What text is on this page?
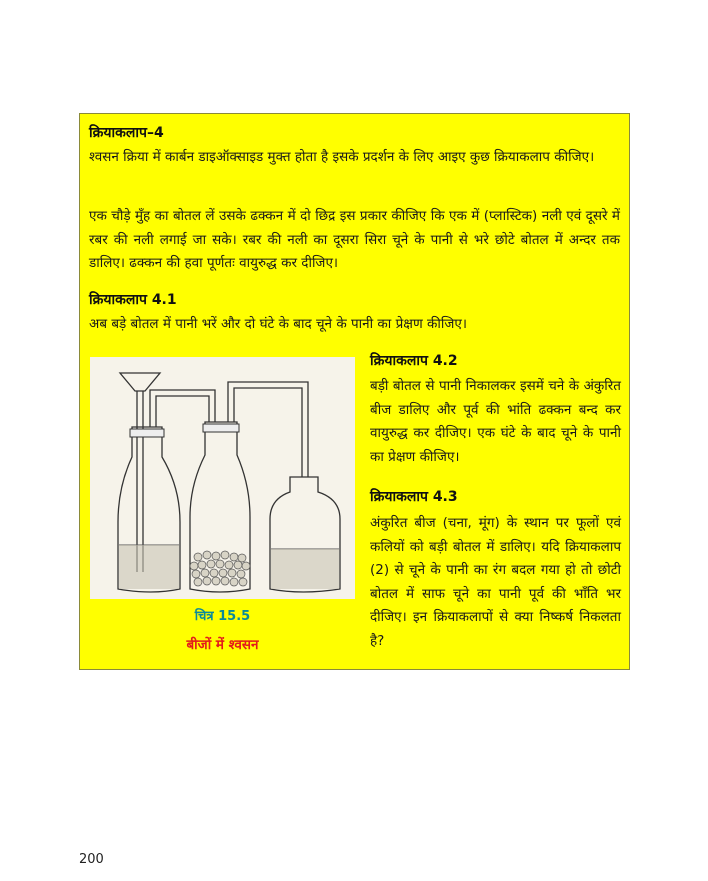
क्रियाकलाप–4
श्वसन क्रिया में कार्बन डाइऑक्साइड मुक्त होता है इसके प्रदर्शन के लिए आइए कुछ क्रियाकलाप कीजिए।
एक चौड़े मुँह का बोतल लें उसके ढक्कन में दो छिद्र इस प्रकार कीजिए कि एक में (प्लास्टिक) नली एवं दूसरे में रबर की नली लगाई जा सके। रबर की नली का दूसरा सिरा चूने के पानी से भरे छोटे बोतल में अन्दर तक डालिए। ढक्कन की हवा पूर्णतः वायुरुद्ध कर दीजिए।
क्रियाकलाप 4.1
अब बड़े बोतल में पानी भरें और दो घंटे के बाद चूने के पानी का प्रेक्षण कीजिए।
क्रियाकलाप 4.2
बड़ी बोतल से पानी निकालकर इसमें चने के अंकुरित बीज डालिए और पूर्व की भांति ढक्कन बन्द कर वायुरुद्ध कर दीजिए। एक घंटे के बाद चूने के पानी का प्रेक्षण कीजिए।
क्रियाकलाप 4.3
अंकुरित बीज (चना, मूंग) के स्थान पर फूलों एवं कलियों को बड़ी बोतल में डालिए। यदि क्रियाकलाप (2) से चूने के पानी का रंग बदल गया हो तो छोटी बोतल में साफ चूने का पानी पूर्व की भाँति भर दीजिए। इन क्रियाकलापों से क्या निष्कर्ष निकलता है?
चित्र 15.5
बीजों में श्वसन
200
